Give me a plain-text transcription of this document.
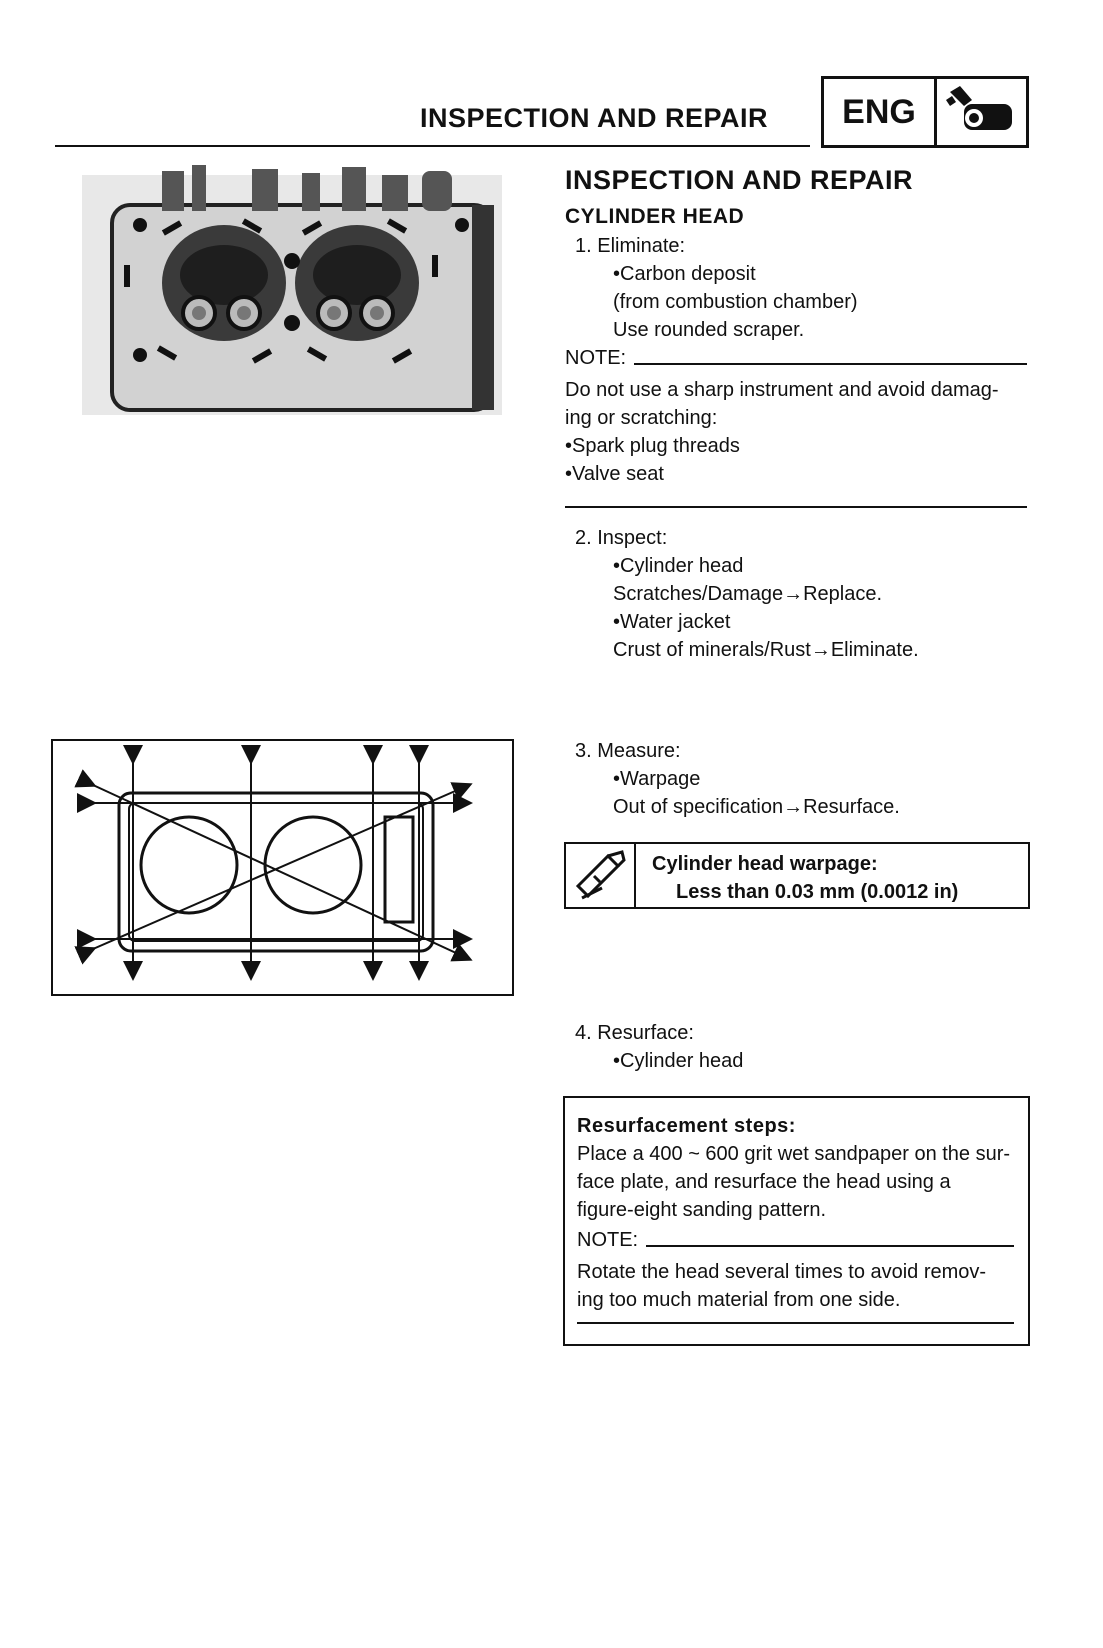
INSPECTION AND REPAIR	ENG
INSPECTION AND REPAIR
CYLINDER HEAD
1. Eliminate:
•Carbon deposit
(from combustion chamber)
Use rounded scraper.
NOTE:
Do not use a sharp instrument and avoid damag-
ing or scratching:
•Spark plug threads
•Valve seat
2. Inspect:
•Cylinder head
Scratches/Damage→Replace.
•Water jacket
Crust of minerals/Rust→Eliminate.
3. Measure:
•Warpage
Out of specification→Resurface.
Cylinder head warpage:
Less than 0.03 mm (0.0012 in)
4. Resurface:
•Cylinder head
Resurfacement steps:
Place a 400 ~ 600 grit wet sandpaper on the sur-
face plate, and resurface the head using a
figure-eight sanding pattern.
NOTE:
Rotate the head several times to avoid remov-
ing too much material from one side.
